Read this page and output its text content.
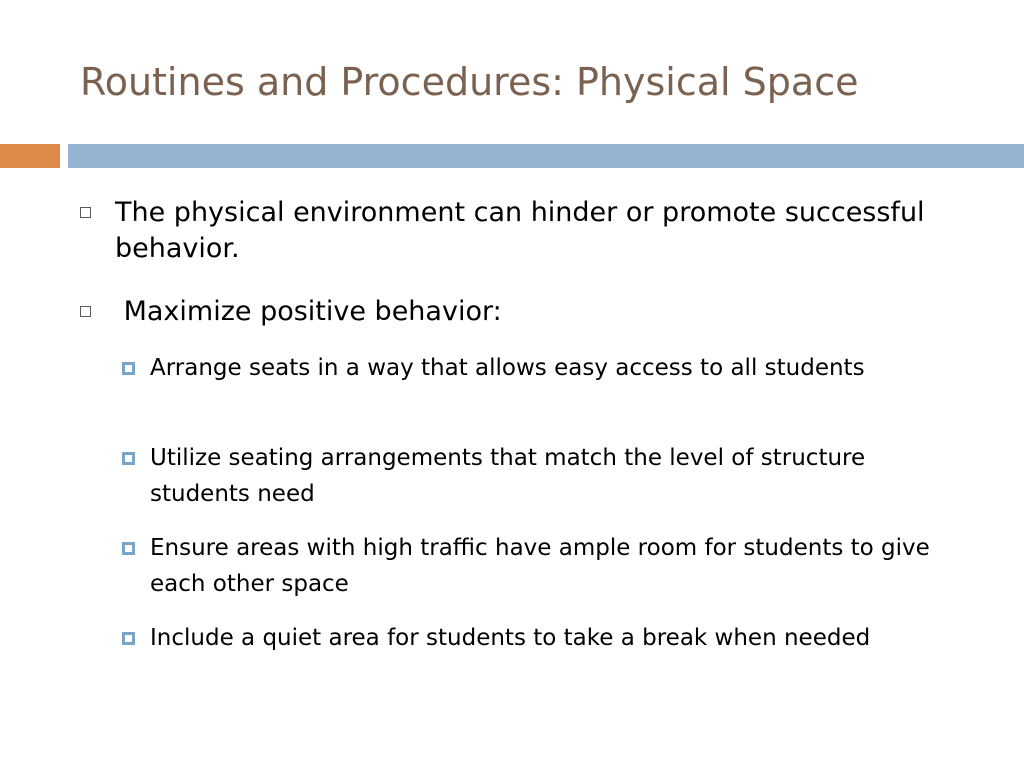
Routines and Procedures: Physical Space
The physical environment can hinder or promote successful behavior.
Maximize positive behavior:
Arrange seats in a way that allows easy access to all students
Utilize seating arrangements that match the level of structure students need
Ensure areas with high traffic have ample room for students to give each other space
Include a quiet area for students to take a break when needed
